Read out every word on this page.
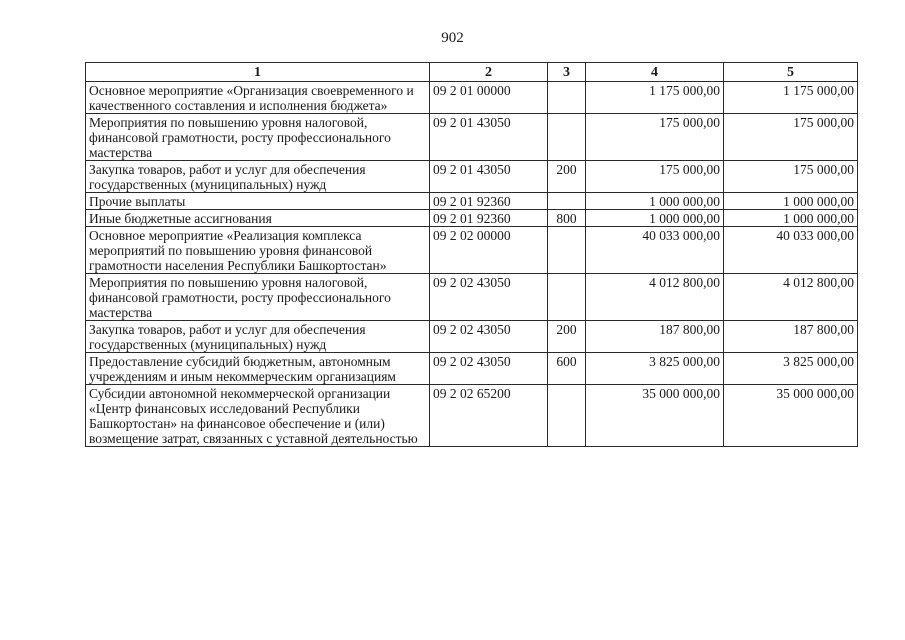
902
1	2	3	4	5
Основное мероприятие «Организация своевременного и качественного составления и исполнения бюджета»	09 2 01 00000		1 175 000,00	1 175 000,00
Мероприятия по повышению уровня налоговой, финансовой грамотности, росту профессионального мастерства	09 2 01 43050		175 000,00	175 000,00
Закупка товаров, работ и услуг для обеспечения государственных (муниципальных) нужд	09 2 01 43050	200	175 000,00	175 000,00
Прочие выплаты	09 2 01 92360		1 000 000,00	1 000 000,00
Иные бюджетные ассигнования	09 2 01 92360	800	1 000 000,00	1 000 000,00
Основное мероприятие «Реализация комплекса мероприятий по повышению уровня финансовой грамотности населения Республики Башкортостан»	09 2 02 00000		40 033 000,00	40 033 000,00
Мероприятия по повышению уровня налоговой, финансовой грамотности, росту профессионального мастерства	09 2 02 43050		4 012 800,00	4 012 800,00
Закупка товаров, работ и услуг для обеспечения государственных (муниципальных) нужд	09 2 02 43050	200	187 800,00	187 800,00
Предоставление субсидий бюджетным, автономным учреждениям и иным некоммерческим организациям	09 2 02 43050	600	3 825 000,00	3 825 000,00
Субсидии автономной некоммерческой организации «Центр финансовых исследований Республики Башкортостан» на финансовое обеспечение и (или) возмещение затрат, связанных с уставной деятельностью	09 2 02 65200		35 000 000,00	35 000 000,00
